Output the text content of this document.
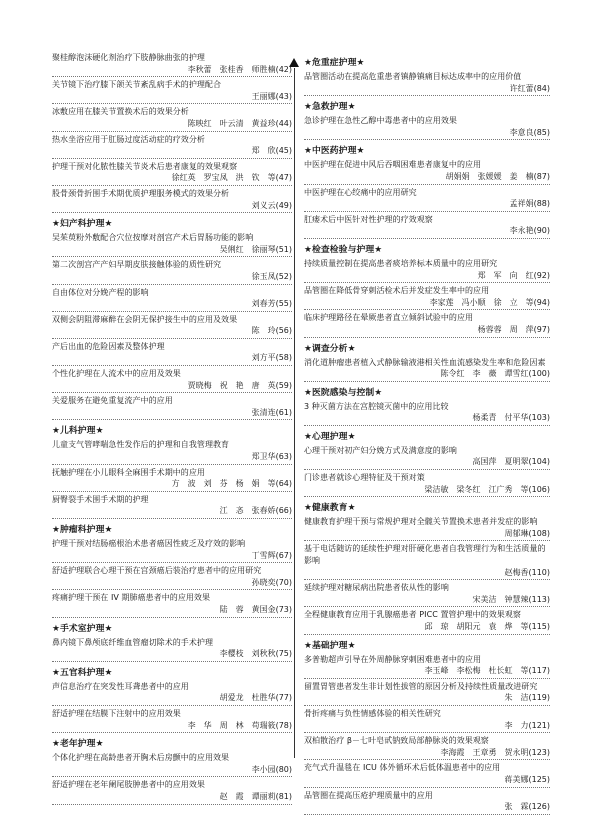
聚桂醇泡沫硬化剂治疗下肢静脉曲张的护理
李秋蕾　张桂香　师胜楠(42)
关节镜下治疗膝下颌关节紊乱病手术的护理配合
王丽娜(43)
冰敷应用在膝关节置换术后的效果分析
陈映红　叶云清　黄益珍(44)
热水坐浴应用于肛肠过度活动症的疗效分析
郑　欣(45)
护理干预对化脓性膝关节炎术后患者康复的效果观察
徐红英　罗宝凤　洪　钦　等(47)
股骨颈骨折围手术期优质护理服务模式的效果分析
刘义云(49)
★妇产科护理★
吴茱萸粉外敷配合穴位按摩对剖宫产术后胃肠功能的影响
吴俐红　徐丽琴(51)
第二次剖宫产产妇早期皮肤接触体验的质性研究
徐玉凤(52)
自由体位对分娩产程的影响
刘春芳(55)
双侧会阴阻滞麻醉在会阴无保护接生中的应用及效果
陈　玲(56)
产后出血的危险因素及整体护理
刘方平(58)
个性化护理在人流术中的应用及效果
贾晓梅　祝　艳　唐　英(59)
关爱服务在避免重复流产中的应用
张清连(61)
★儿科护理★
儿童支气管哮喘急性发作后的护理和自我管理教育
郑卫华(63)
抚触护理在小儿眼科全麻围手术期中的应用
方　波　刘　芬　杨　娟　等(64)
厨臀裂手术围手术期的护理
江　忞　张春娇(66)
★肿瘤科护理★
护理干预对结肠癌根治术患者癌因性疲乏及疗效的影响
丁雪辉(67)
舒适护理联合心理干预在宫颈癌后装治疗患者中的应用研究
孙晓奕(70)
疼痛护理干预在 IV 期肺癌患者中的应用效果
陆　蓉　黄国金(73)
★手术室护理★
鼻内镜下鼻颅底纤维血管瘤切除术的手术护理
李樱枝　刘秋秋(75)
★五官科护理★
声信息治疗在突发性耳聋患者中的应用
胡爱龙　杜胜华(77)
舒适护理在结膜下注射中的应用效果
李　华　周　林　苟瑞筱(78)
★老年护理★
个体化护理在高龄患者开胸术后房颤中的应用效果
李小园(80)
舒适护理在老年阑尾肢肿患者中的应用效果
赵　霞　谭丽莉(81)
★危重症护理★
品管圈活动在提高危重患者镇静镇痛目标达成率中的应用价值
许红蕾(84)
★急救护理★
急诊护理在急性乙醇中毒患者中的应用效果
李意良(85)
★中医药护理★
中医护理在促进中风后吞咽困难患者康复中的应用
胡娟娟　张媛媛　姜　楠(87)
中医护理在心绞痛中的应用研究
孟祥娟(88)
肛瘘术后中医针对性护理的疗效观察
李永艳(90)
★检查检验与护理★
持续质量控制在提高患者痰培养标本质量中的应用研究
郑　军　向　红(92)
品管圈在降低骨穿刺活检术后并发症发生率中的应用
李家莲　冯小顺　徐　立　等(94)
临床护理路径在晕厥患者直立倾斜试验中的应用
杨蓉蓉　周　萍(97)
★调查分析★
消化道肿瘤患者植入式静脉输液港相关性血流感染发生率和危险因素
陈令红　李　薇　谭雪红(100)
★医院感染与控制★
3 种灭菌方法在宫腔镜灭菌中的应用比较
杨柔青　付平华(103)
★心理护理★
心理干预对初产妇分娩方式及满意度的影响
高国萍　夏明翠(104)
门诊患者就诊心理特征及干预对策
梁洁敏　梁冬红　江广秀　等(106)
★健康教育★
健康教育护理干预与常规护理对全髋关节置换术患者并发症的影响
周郁琳(108)
基于电话随访的延续性护理对肝硬化患者自我管理行为和生活质量的影响
赵梅香(110)
延续护理对糖尿病出院患者依从性的影响
宋美洁　钟慧辣(113)
全程健康教育应用于乳腺癌患者 PICC 置管护理中的效果观察
邱　琼　胡阳元　袁　烨　等(115)
★基础护理★
多普勒超声引导在外周静脉穿刺困难患者中的应用
李玉峰　李松梅　杜长虹　等(117)
留置胃管患者发生非计划性拔管的原因分析及持续性质量改进研究
朱　洁(119)
骨折疼痛与负性情感体验的相关性研究
李　力(121)
双柏散治疗 β－七叶皂甙钠致局部静脉炎的效果观察
李海霞　王章勇　贺永明(123)
充气式升温毯在 ICU 体外循环术后低体温患者中的应用
蒋美娜(125)
品管圈在提高压疮护理质量中的应用
张　霖(126)
